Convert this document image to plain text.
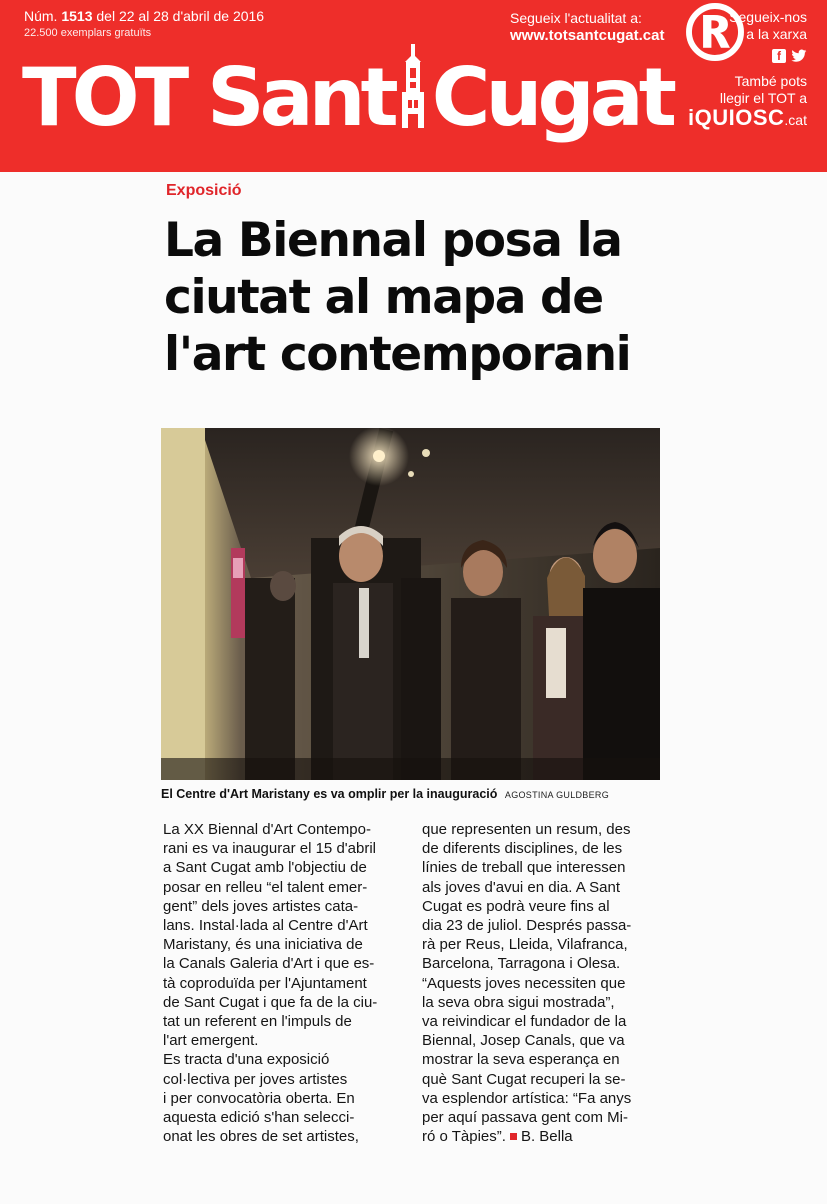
Núm. 1513 del 22 al 28 d'abril de 2016
22.500 exemplars gratuïts
TOT Sant Cugat
®
Segueix l'actualitat a:
www.totsantcugat.cat
Segueix-nos
a la xarxa
f
També pots
llegir el TOT a
iQUIOSC.cat
Exposició
La Biennal posa la
ciutat al mapa de
l'art contemporani
El Centre d'Art Maristany es va omplir per la inauguració AGOSTINA GULDBERG

La XX Biennal d'Art Contempo-

rani es va inaugurar el 15 d'abril

a Sant Cugat amb l'objectiu de

posar en relleu “el talent emer-

gent” dels joves artistes cata-

lans. Instal·lada al Centre d'Art

Maristany, és una iniciativa de

la Canals Galeria d'Art i que es-

tà coproduïda per l'Ajuntament

de Sant Cugat i que fa de la ciu-

tat un referent en l'impuls de

l'art emergent.

Es tracta d'una exposició

col·lectiva per joves artistes

i per convocatòria oberta. En

aquesta edició s'han selecci-

onat les obres de set artistes,

que representen un resum, des

de diferents disciplines, de les

línies de treball que interessen

als joves d'avui en dia. A Sant

Cugat es podrà veure fins al

dia 23 de juliol. Després passa-

rà per Reus, Lleida, Vilafranca,

Barcelona, Tarragona i Olesa.

“Aquests joves necessiten que

la seva obra sigui mostrada”,

va reivindicar el fundador de la

Biennal, Josep Canals, que va

mostrar la seva esperança en

què Sant Cugat recuperi la se-

va esplendor artística: “Fa anys

per aquí passava gent com Mi-

ró o Tàpies”. B. Bella
